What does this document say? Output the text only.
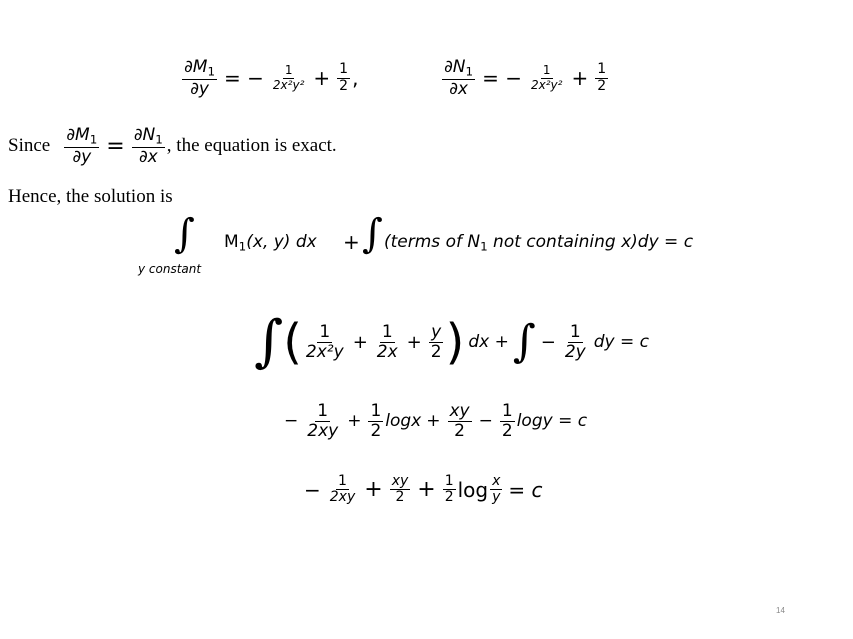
$\frac{\partial M_1}{\partial y}$ = − $\frac{1}{\text{2x²y²}} + \frac{1}{2}$ ,	$\frac{\partial N_1}{\partial x}$ = − $\frac{1}{\text{2x²y²}} + \frac{1}{2}$
Since $\frac{\partial M_1}{\partial y} = \frac{\partial N_1}{\partial x}$ , the equation is exact.
Hence, the solution is
∫
y constant
$M_1(x$, y) dx + ∫ (terms of $N_1$ not containing x)dy = c
∫ ( $\frac{1}{\text{2x²y}} + \frac{1}{2x} + \frac{y}{2}$ ) dx + ∫ − $\frac{1}{2y}$ dy = c
− $\frac{1}{2xy} + \frac{1}{2}$ $\log x + \frac{xy}{2} - \frac{1}{2}$ logy = c
− $\frac{1}{2xy} + \frac{xy}{2} + \frac{1}{2}$ $\log \frac{x}{y} = c$
14
